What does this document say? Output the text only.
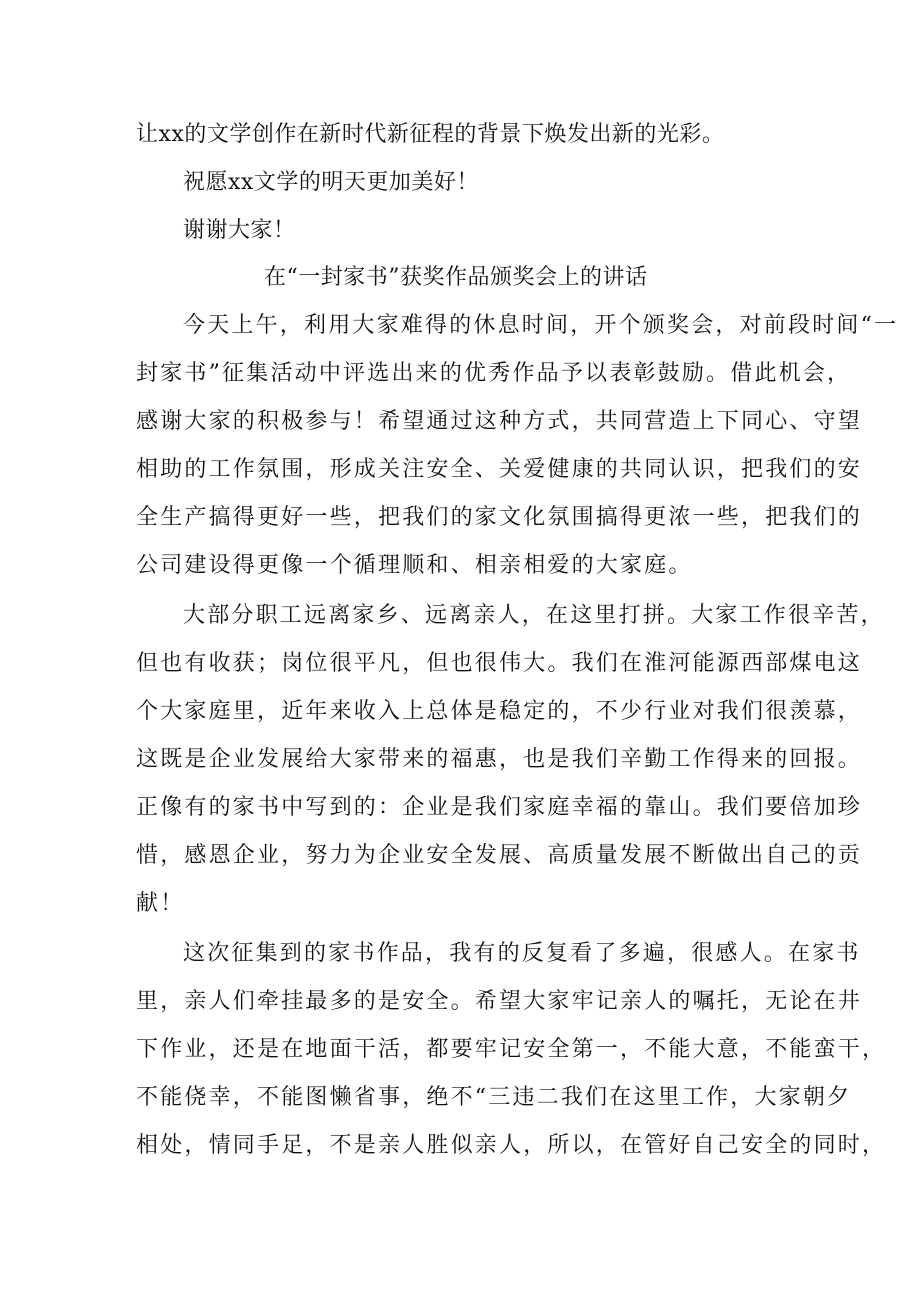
让xx的文学创作在新时代新征程的背景下焕发出新的光彩。
祝愿xx文学的明天更加美好！
谢谢大家！
在“一封家书”获奖作品颁奖会上的讲话
今天上午，利用大家难得的休息时间，开个颁奖会，对前段时间“一
封家书”征集活动中评选出来的优秀作品予以表彰鼓励。借此机会，
感谢大家的积极参与！希望通过这种方式，共同营造上下同心、守望
相助的工作氛围，形成关注安全、关爱健康的共同认识，把我们的安
全生产搞得更好一些，把我们的家文化氛围搞得更浓一些，把我们的
公司建设得更像一个循理顺和、相亲相爱的大家庭。
大部分职工远离家乡、远离亲人，在这里打拼。大家工作很辛苦，
但也有收获；岗位很平凡，但也很伟大。我们在淮河能源西部煤电这
个大家庭里，近年来收入上总体是稳定的，不少行业对我们很羡慕，
这既是企业发展给大家带来的福惠，也是我们辛勤工作得来的回报。
正像有的家书中写到的：企业是我们家庭幸福的靠山。我们要倍加珍
惜，感恩企业，努力为企业安全发展、高质量发展不断做出自己的贡
献！
这次征集到的家书作品，我有的反复看了多遍，很感人。在家书
里，亲人们牵挂最多的是安全。希望大家牢记亲人的嘱托，无论在井
下作业，还是在地面干活，都要牢记安全第一，不能大意，不能蛮干，
不能侥幸，不能图懒省事，绝不“三违二我们在这里工作，大家朝夕
相处，情同手足，不是亲人胜似亲人，所以，在管好自己安全的同时，
